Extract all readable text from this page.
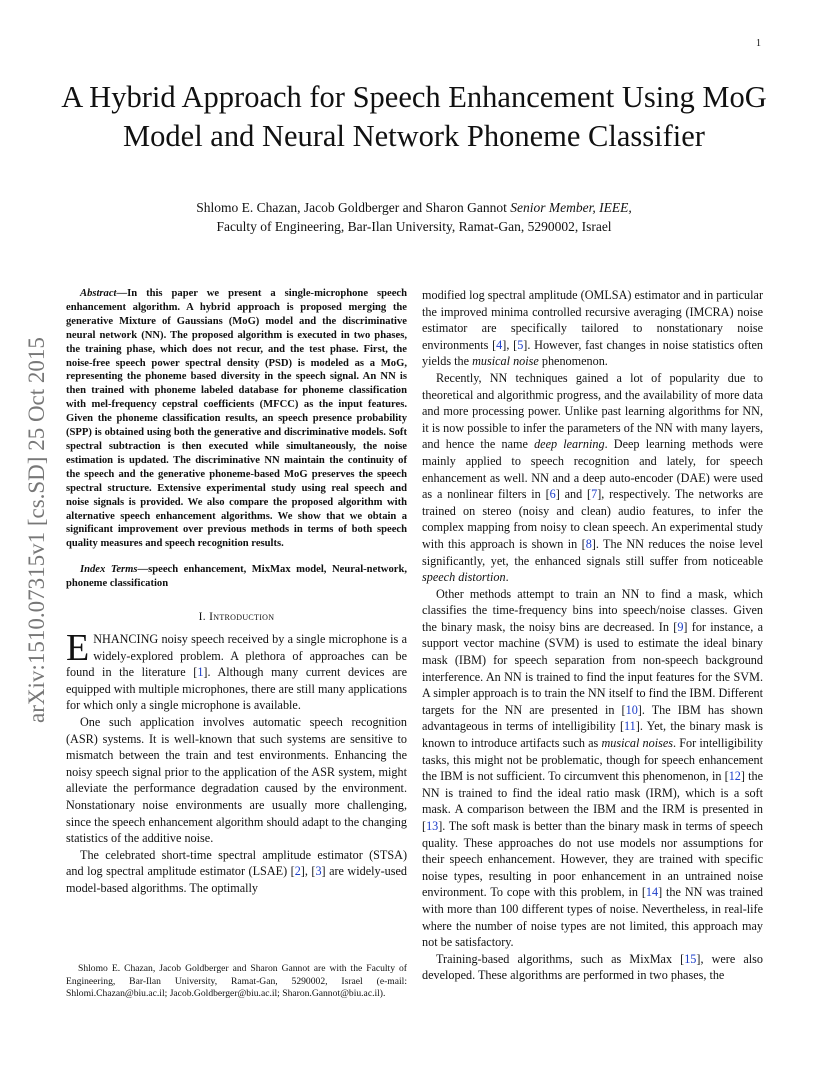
1
A Hybrid Approach for Speech Enhancement Using MoG Model and Neural Network Phoneme Classifier
Shlomo E. Chazan, Jacob Goldberger and Sharon Gannot Senior Member, IEEE,
Faculty of Engineering, Bar-Ilan University, Ramat-Gan, 5290002, Israel
arXiv:1510.07315v1 [cs.SD] 25 Oct 2015

Abstract—In this paper we present a single-microphone speech enhancement algorithm. A hybrid approach is proposed merging the generative Mixture of Gaussians (MoG) model and the discriminative neural network (NN). The proposed algorithm is executed in two phases, the training phase, which does not recur, and the test phase. First, the noise-free speech power spectral density (PSD) is modeled as a MoG, representing the phoneme based diversity in the speech signal. An NN is then trained with phoneme labeled database for phoneme classification with mel-frequency cepstral coefficients (MFCC) as the input features. Given the phoneme classification results, an speech presence probability (SPP) is obtained using both the generative and discriminative models. Soft spectral subtraction is then executed while simultaneously, the noise estimation is updated. The discriminative NN maintain the continuity of the speech and the generative phoneme-based MoG preserves the speech spectral structure. Extensive experimental study using real speech and noise signals is provided. We also compare the proposed algorithm with alternative speech enhancement algorithms. We show that we obtain a significant improvement over previous methods in terms of both speech quality measures and speech recognition results.

Index Terms—speech enhancement, MixMax model, Neural-network, phoneme classification

I. Introduction

ENHANCING noisy speech received by a single microphone is a widely-explored problem. A plethora of approaches can be found in the literature [1]. Although many current devices are equipped with multiple microphones, there are still many applications for which only a single microphone is available.

One such application involves automatic speech recognition (ASR) systems. It is well-known that such systems are sensitive to mismatch between the train and test environments. Enhancing the noisy speech signal prior to the application of the ASR system, might alleviate the performance degradation caused by the environment. Nonstationary noise environments are usually more challenging, since the speech enhancement algorithm should adapt to the changing statistics of the additive noise.

The celebrated short-time spectral amplitude estimator (STSA) and log spectral amplitude estimator (LSAE) [2], [3] are widely-used model-based algorithms. The optimally

Shlomo E. Chazan, Jacob Goldberger and Sharon Gannot are with the Faculty of Engineering, Bar-Ilan University, Ramat-Gan, 5290002, Israel (e-mail: Shlomi.Chazan@biu.ac.il; Jacob.Goldberger@biu.ac.il; Sharon.Gannot@biu.ac.il).

modified log spectral amplitude (OMLSA) estimator and in particular the improved minima controlled recursive averaging (IMCRA) noise estimator are specifically tailored to nonstationary noise environments [4], [5]. However, fast changes in noise statistics often yields the musical noise phenomenon.

Recently, NN techniques gained a lot of popularity due to theoretical and algorithmic progress, and the availability of more data and more processing power. Unlike past learning algorithms for NN, it is now possible to infer the parameters of the NN with many layers, and hence the name deep learning. Deep learning methods were mainly applied to speech recognition and lately, for speech enhancement as well. NN and a deep auto-encoder (DAE) were used as a nonlinear filters in [6] and [7], respectively. The networks are trained on stereo (noisy and clean) audio features, to infer the complex mapping from noisy to clean speech. An experimental study with this approach is shown in [8]. The NN reduces the noise level significantly, yet, the enhanced signals still suffer from noticeable speech distortion.

Other methods attempt to train an NN to find a mask, which classifies the time-frequency bins into speech/noise classes. Given the binary mask, the noisy bins are decreased. In [9] for instance, a support vector machine (SVM) is used to estimate the ideal binary mask (IBM) for speech separation from non-speech background interference. An NN is trained to find the input features for the SVM. A simpler approach is to train the NN itself to find the IBM. Different targets for the NN are presented in [10]. The IBM has shown advantageous in terms of intelligibility [11]. Yet, the binary mask is known to introduce artifacts such as musical noises. For intelligibility tasks, this might not be problematic, though for speech enhancement the IBM is not sufficient. To circumvent this phenomenon, in [12] the NN is trained to find the ideal ratio mask (IRM), which is a soft mask. A comparison between the IBM and the IRM is presented in [13]. The soft mask is better than the binary mask in terms of speech quality. These approaches do not use models nor assumptions for their speech enhancement. However, they are trained with specific noise types, resulting in poor enhancement in an untrained noise environment. To cope with this problem, in [14] the NN was trained with more than 100 different types of noise. Nevertheless, in real-life where the number of noise types are not limited, this approach may not be satisfactory.

Training-based algorithms, such as MixMax [15], were also developed. These algorithms are performed in two phases, the
